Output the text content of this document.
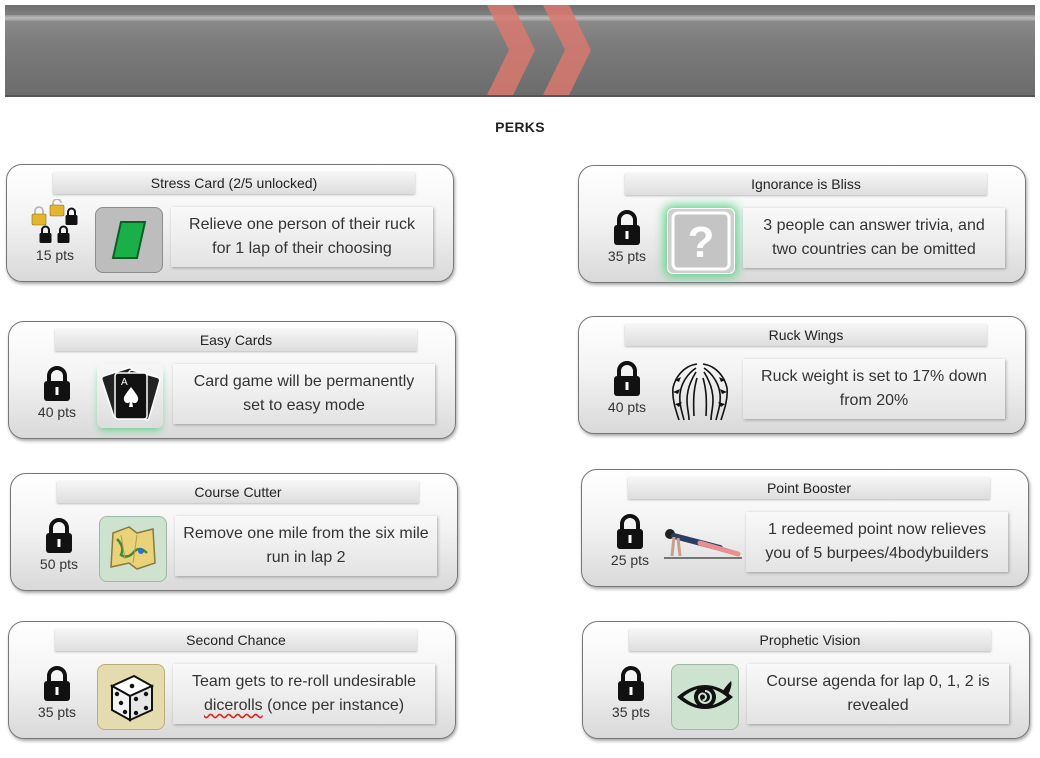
PERKS
Stress Card (2/5 unlocked)
15 pts
Relieve one person of their ruck for 1 lap of their choosing
Ignorance is Bliss
35 pts ?	3 people can answer trivia, and two countries can be omitted
Easy Cards
40 pts
A	Card game will be permanently set to easy mode
Ruck Wings
40 pts
Ruck weight is set to 17% down from 20%
Course Cutter
50 pts
Remove one mile from the six mile run in lap 2
Point Booster
25 pts
1 redeemed point now relieves you of 5 burpees/4bodybuilders
Second Chance
35 pts
Team gets to re-roll undesirable dicerolls (once per instance)
Prophetic Vision
35 pts
Course agenda for lap 0, 1, 2 is revealed
